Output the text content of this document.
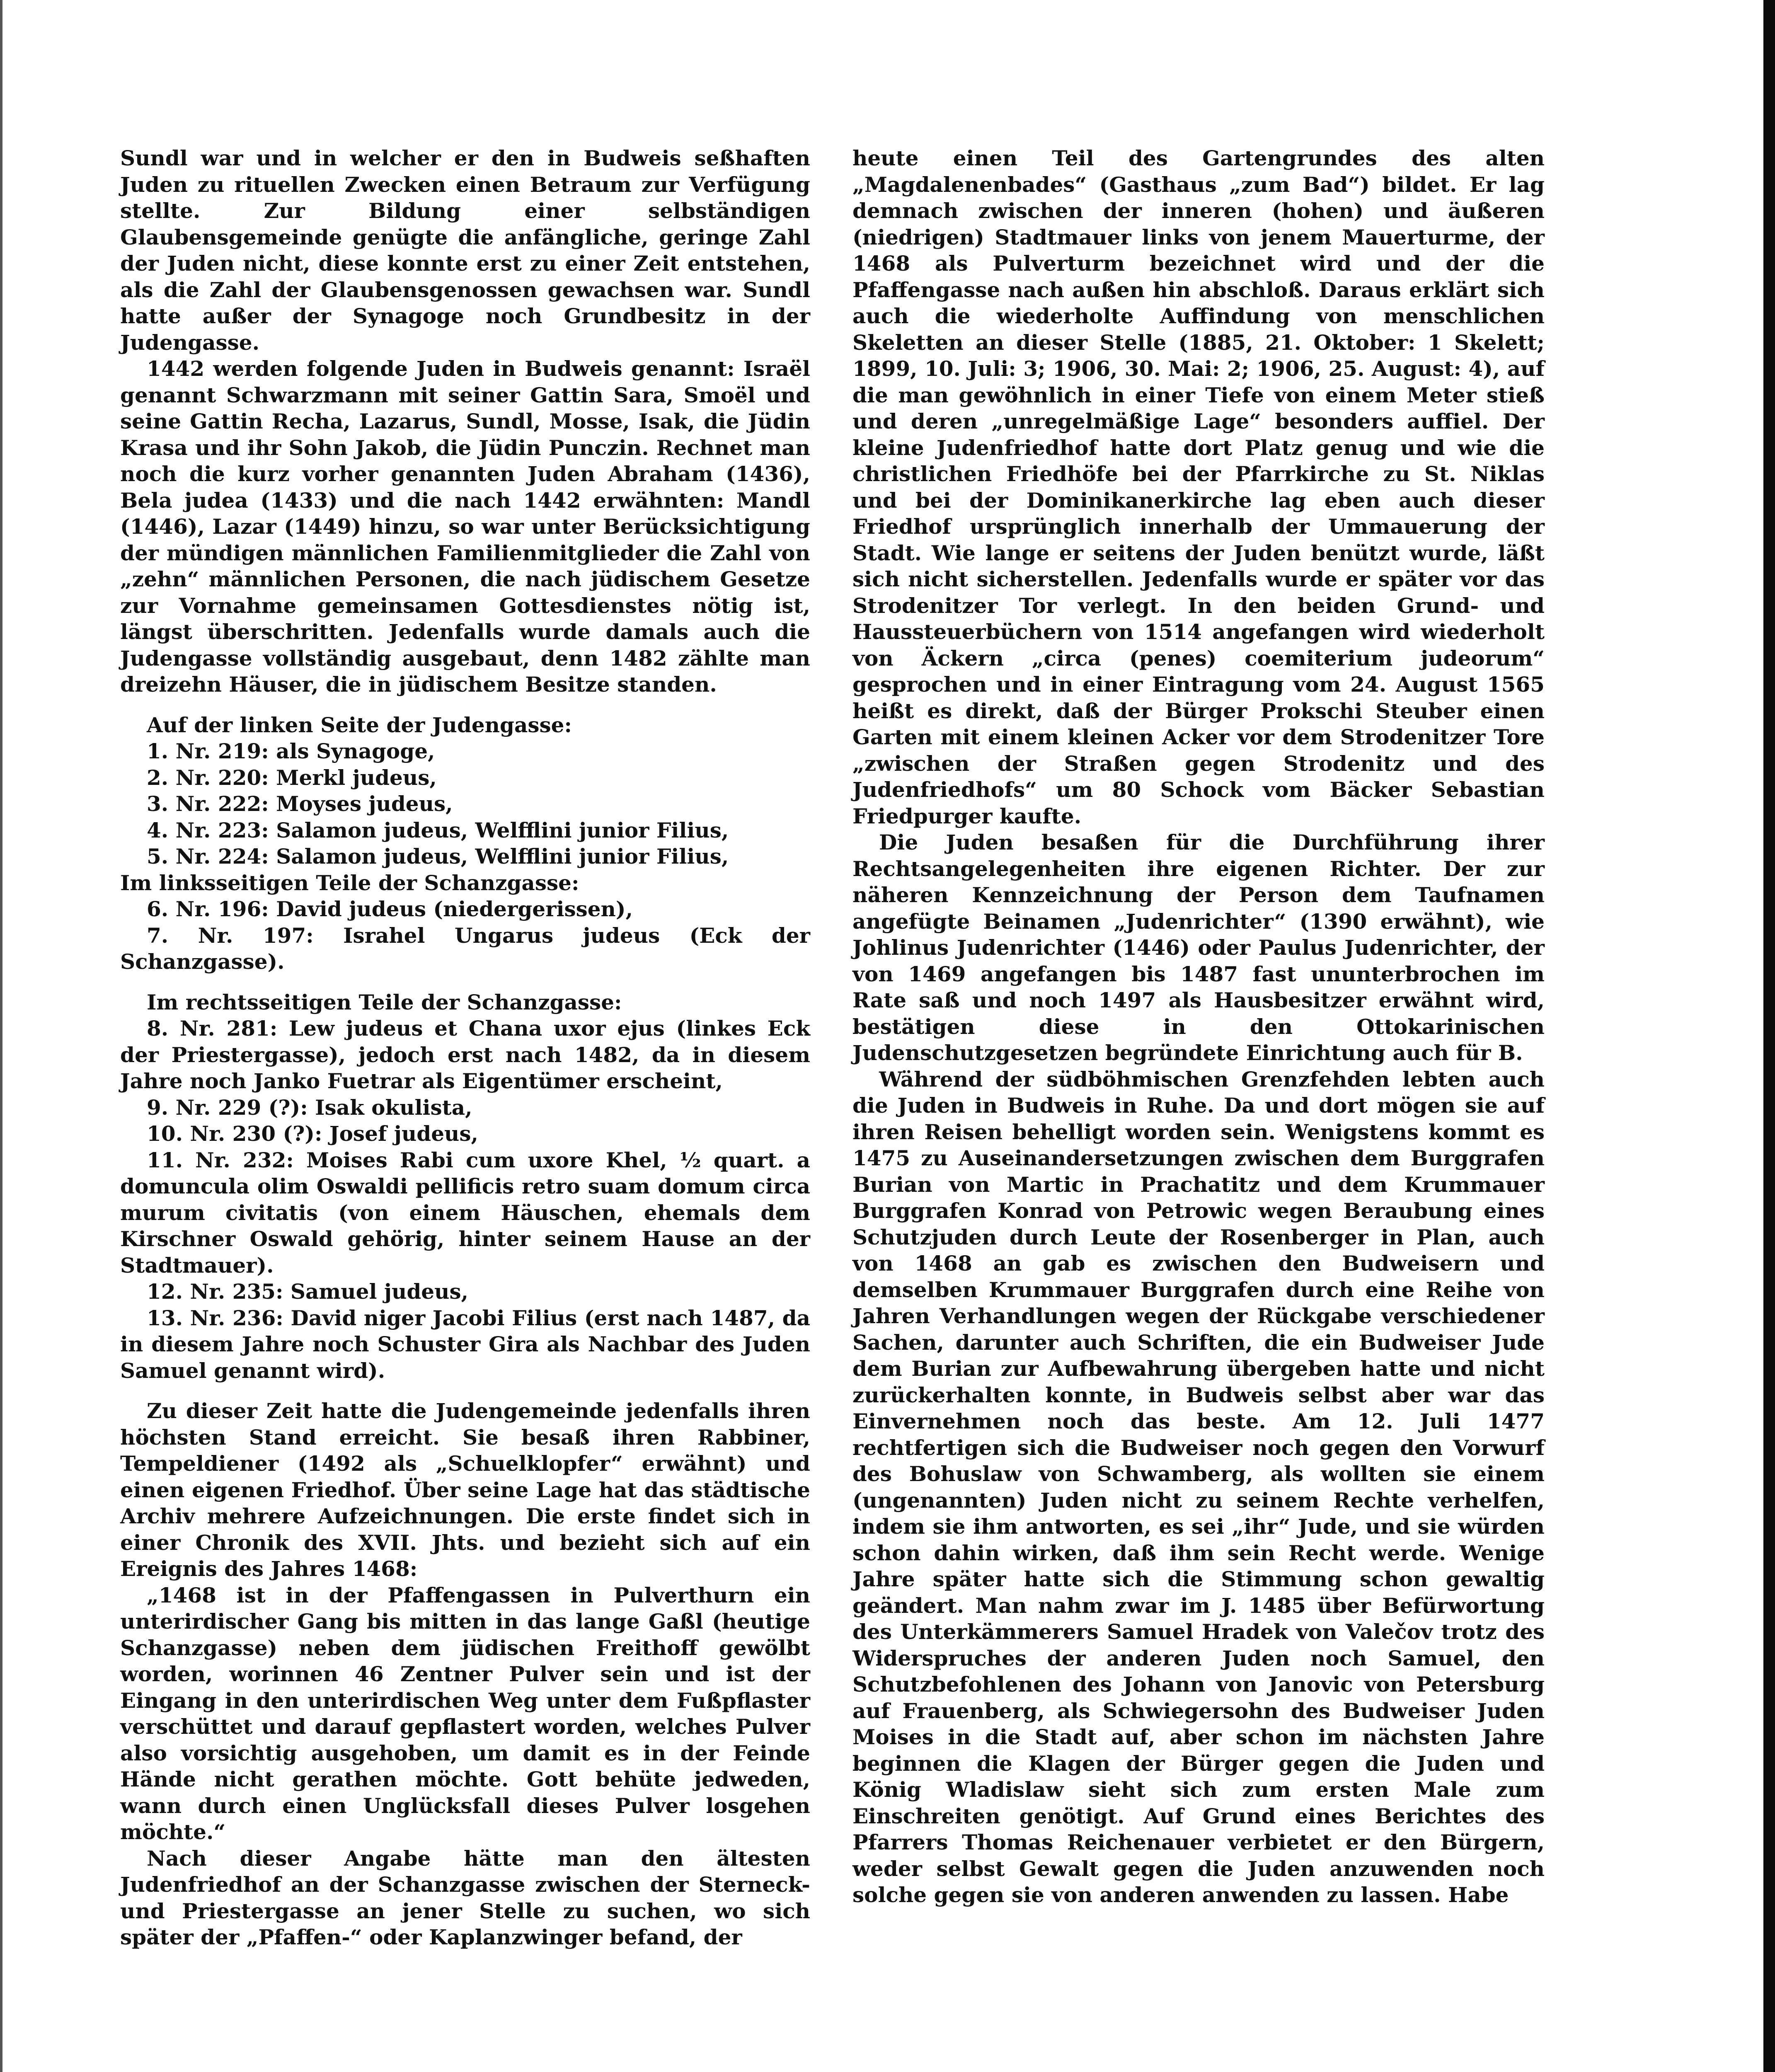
Sundl war und in welcher er den in Budweis seßhaften Juden zu rituellen Zwecken einen Betraum zur Verfügung stellte. Zur Bildung einer selbständigen Glaubensgemeinde genügte die anfängliche, geringe Zahl der Juden nicht, diese konnte erst zu einer Zeit entstehen, als die Zahl der Glaubensgenossen gewachsen war. Sundl hatte außer der Synagoge noch Grundbesitz in der Judengasse.

1442 werden folgende Juden in Budweis genannt: Israël genannt Schwarzmann mit seiner Gattin Sara, Smoël und seine Gattin Recha, Lazarus, Sundl, Mosse, Isak, die Jüdin Krasa und ihr Sohn Jakob, die Jüdin Punczin. Rechnet man noch die kurz vorher genannten Juden Abraham (1436), Bela judea (1433) und die nach 1442 erwähnten: Mandl (1446), Lazar (1449) hinzu, so war unter Berücksichtigung der mündigen männlichen Familienmitglieder die Zahl von „zehn“ männlichen Personen, die nach jüdischem Gesetze zur Vornahme gemeinsamen Gottesdienstes nötig ist, längst überschritten. Jedenfalls wurde damals auch die Judengasse vollständig ausgebaut, denn 1482 zählte man dreizehn Häuser, die in jüdischem Besitze standen.

Auf der linken Seite der Judengasse:

1. Nr. 219: als Synagoge,
2. Nr. 220: Merkl judeus,
3. Nr. 222: Moyses judeus,
4. Nr. 223: Salamon judeus, Welfflini junior Filius,
5. Nr. 224: Salamon judeus, Welfflini junior Filius,

Im linksseitigen Teile der Schanzgasse:

6. Nr. 196: David judeus (niedergerissen),
7. Nr. 197: Israhel Ungarus judeus (Eck der Schanzgasse).

Im rechtsseitigen Teile der Schanzgasse:

8. Nr. 281: Lew judeus et Chana uxor ejus (linkes Eck der Priestergasse), jedoch erst nach 1482, da in diesem Jahre noch Janko Fuetrar als Eigentümer erscheint,
9. Nr. 229 (?): Isak okulista,
10. Nr. 230 (?): Josef judeus,
11. Nr. 232: Moises Rabi cum uxore Khel, ½ quart. a domuncula olim Oswaldi pellificis retro suam domum circa murum civitatis (von einem Häuschen, ehemals dem Kirschner Oswald gehörig, hinter seinem Hause an der Stadtmauer).
12. Nr. 235: Samuel judeus,
13. Nr. 236: David niger Jacobi Filius (erst nach 1487, da in diesem Jahre noch Schuster Gira als Nachbar des Juden Samuel genannt wird).

Zu dieser Zeit hatte die Judengemeinde jedenfalls ihren höchsten Stand erreicht. Sie besaß ihren Rabbiner, Tempeldiener (1492 als „Schuelklopfer“ erwähnt) und einen eigenen Friedhof. Über seine Lage hat das städtische Archiv mehrere Aufzeichnungen. Die erste findet sich in einer Chronik des XVII. Jhts. und bezieht sich auf ein Ereignis des Jahres 1468:

„1468 ist in der Pfaffengassen in Pulverthurn ein unterirdischer Gang bis mitten in das lange Gaßl (heutige Schanzgasse) neben dem jüdischen Freithoff gewölbt worden, worinnen 46 Zentner Pulver sein und ist der Eingang in den unterirdischen Weg unter dem Fußpflaster verschüttet und darauf gepflastert worden, welches Pulver also vorsichtig ausgehoben, um damit es in der Feinde Hände nicht gerathen möchte. Gott behüte jedweden, wann durch einen Unglücksfall dieses Pulver losgehen möchte.“

Nach dieser Angabe hätte man den ältesten Judenfriedhof an der Schanzgasse zwischen der Sterneck- und Priestergasse an jener Stelle zu suchen, wo sich später der „Pfaffen-“ oder Kaplanzwinger befand, der

heute einen Teil des Gartengrundes des alten „Magdalenenbades“ (Gasthaus „zum Bad“) bildet. Er lag demnach zwischen der inneren (hohen) und äußeren (niedrigen) Stadtmauer links von jenem Mauerturme, der 1468 als Pulverturm bezeichnet wird und der die Pfaffengasse nach außen hin abschloß. Daraus erklärt sich auch die wiederholte Auffindung von menschlichen Skeletten an dieser Stelle (1885, 21. Oktober: 1 Skelett; 1899, 10. Juli: 3; 1906, 30. Mai: 2; 1906, 25. August: 4), auf die man gewöhnlich in einer Tiefe von einem Meter stieß und deren „unregelmäßige Lage“ besonders auffiel. Der kleine Judenfriedhof hatte dort Platz genug und wie die christlichen Friedhöfe bei der Pfarrkirche zu St. Niklas und bei der Dominikanerkirche lag eben auch dieser Friedhof ursprünglich innerhalb der Ummauerung der Stadt. Wie lange er seitens der Juden benützt wurde, läßt sich nicht sicherstellen. Jedenfalls wurde er später vor das Strodenitzer Tor verlegt. In den beiden Grund- und Haussteuerbüchern von 1514 angefangen wird wiederholt von Äckern „circa (penes) coemiterium judeorum“ gesprochen und in einer Eintragung vom 24. August 1565 heißt es direkt, daß der Bürger Prokschi Steuber einen Garten mit einem kleinen Acker vor dem Strodenitzer Tore „zwischen der Straßen gegen Strodenitz und des Judenfriedhofs“ um 80 Schock vom Bäcker Sebastian Friedpurger kaufte.

Die Juden besaßen für die Durchführung ihrer Rechtsangelegenheiten ihre eigenen Richter. Der zur näheren Kennzeichnung der Person dem Taufnamen angefügte Beinamen „Judenrichter“ (1390 erwähnt), wie Johlinus Judenrichter (1446) oder Paulus Judenrichter, der von 1469 angefangen bis 1487 fast ununterbrochen im Rate saß und noch 1497 als Hausbesitzer erwähnt wird, bestätigen diese in den Ottokarinischen Judenschutzgesetzen begründete Einrichtung auch für B.

Während der südböhmischen Grenzfehden lebten auch die Juden in Budweis in Ruhe. Da und dort mögen sie auf ihren Reisen behelligt worden sein. Wenigstens kommt es 1475 zu Auseinandersetzungen zwischen dem Burggrafen Burian von Martic in Prachatitz und dem Krummauer Burggrafen Konrad von Petrowic wegen Beraubung eines Schutzjuden durch Leute der Rosenberger in Plan, auch von 1468 an gab es zwischen den Budweisern und demselben Krummauer Burggrafen durch eine Reihe von Jahren Verhandlungen wegen der Rückgabe verschiedener Sachen, darunter auch Schriften, die ein Budweiser Jude dem Burian zur Aufbewahrung übergeben hatte und nicht zurückerhalten konnte, in Budweis selbst aber war das Einvernehmen noch das beste. Am 12. Juli 1477 rechtfertigen sich die Budweiser noch gegen den Vorwurf des Bohuslaw von Schwamberg, als wollten sie einem (ungenannten) Juden nicht zu seinem Rechte verhelfen, indem sie ihm antworten, es sei „ihr“ Jude, und sie würden schon dahin wirken, daß ihm sein Recht werde. Wenige Jahre später hatte sich die Stimmung schon gewaltig geändert. Man nahm zwar im J. 1485 über Befürwortung des Unterkämmerers Samuel Hradek von Valečov trotz des Widerspruches der anderen Juden noch Samuel, den Schutzbefohlenen des Johann von Janovic von Petersburg auf Frauenberg, als Schwiegersohn des Budweiser Juden Moises in die Stadt auf, aber schon im nächsten Jahre beginnen die Klagen der Bürger gegen die Juden und König Wladislaw sieht sich zum ersten Male zum Einschreiten genötigt. Auf Grund eines Berichtes des Pfarrers Thomas Reichenauer verbietet er den Bürgern, weder selbst Gewalt gegen die Juden anzuwenden noch solche gegen sie von anderen anwenden zu lassen. Habe
